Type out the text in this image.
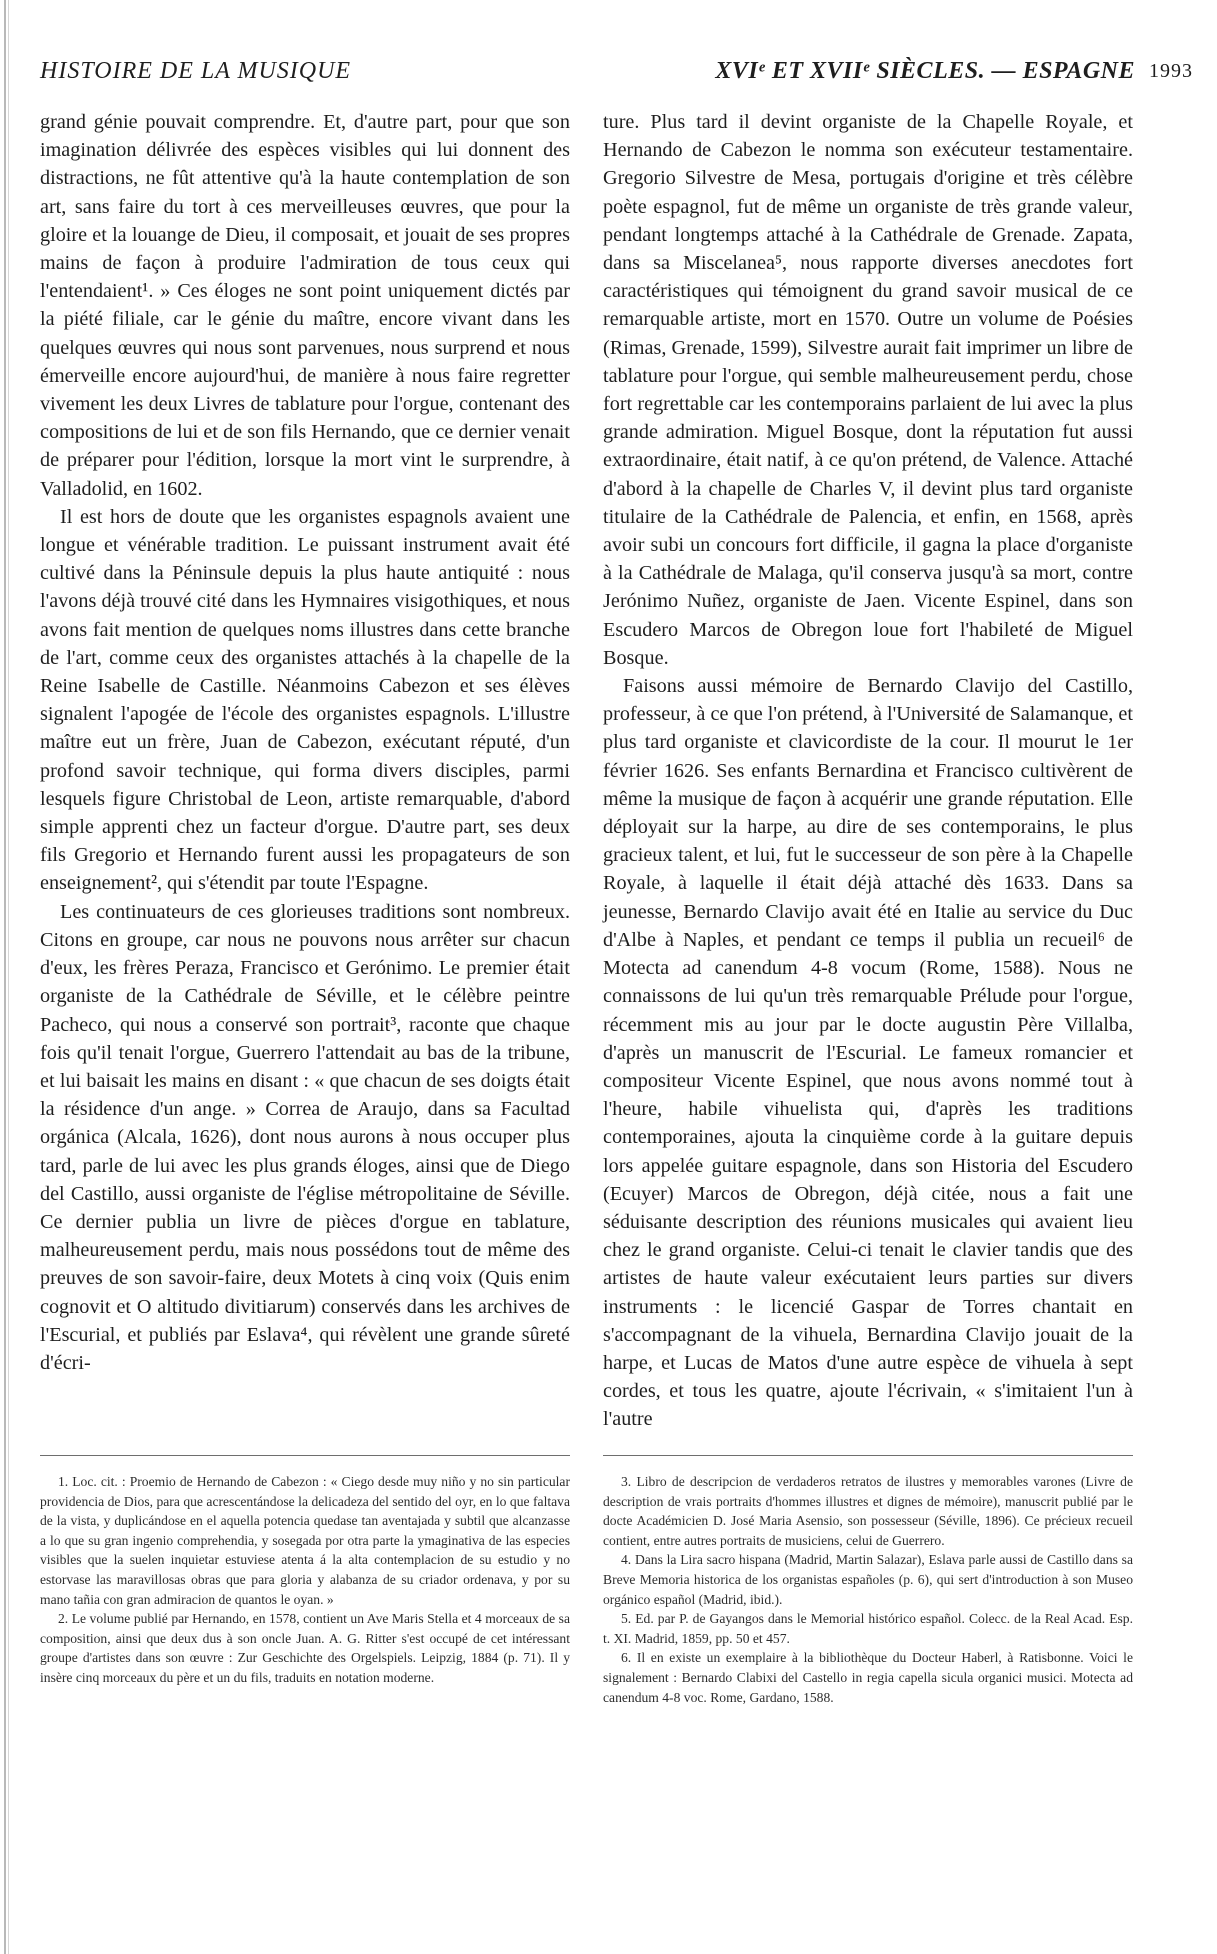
HISTOIRE DE LA MUSIQUE	XVIᵉ ET XVIIᵉ SIÈCLES. — ESPAGNE 1993

grand génie pouvait comprendre. Et, d'autre part, pour que son imagination délivrée des espèces visibles qui lui donnent des distractions, ne fût attentive qu'à la haute contemplation de son art, sans faire du tort à ces merveilleuses œuvres, que pour la gloire et la louange de Dieu, il composait, et jouait de ses propres mains de façon à produire l'admiration de tous ceux qui l'entendaient¹. » Ces éloges ne sont point uniquement dictés par la piété filiale, car le génie du maître, encore vivant dans les quelques œuvres qui nous sont parvenues, nous surprend et nous émerveille encore aujourd'hui, de manière à nous faire regretter vivement les deux Livres de tablature pour l'orgue, contenant des compositions de lui et de son fils Hernando, que ce dernier venait de préparer pour l'édition, lorsque la mort vint le surprendre, à Valladolid, en 1602.

Il est hors de doute que les organistes espagnols avaient une longue et vénérable tradition. Le puissant instrument avait été cultivé dans la Péninsule depuis la plus haute antiquité : nous l'avons déjà trouvé cité dans les Hymnaires visigothiques, et nous avons fait mention de quelques noms illustres dans cette branche de l'art, comme ceux des organistes attachés à la chapelle de la Reine Isabelle de Castille. Néanmoins Cabezon et ses élèves signalent l'apogée de l'école des organistes espagnols. L'illustre maître eut un frère, Juan de Cabezon, exécutant réputé, d'un profond savoir technique, qui forma divers disciples, parmi lesquels figure Christobal de Leon, artiste remarquable, d'abord simple apprenti chez un facteur d'orgue. D'autre part, ses deux fils Gregorio et Hernando furent aussi les propagateurs de son enseignement², qui s'étendit par toute l'Espagne.

Les continuateurs de ces glorieuses traditions sont nombreux. Citons en groupe, car nous ne pouvons nous arrêter sur chacun d'eux, les frères Peraza, Francisco et Gerónimo. Le premier était organiste de la Cathédrale de Séville, et le célèbre peintre Pacheco, qui nous a conservé son portrait³, raconte que chaque fois qu'il tenait l'orgue, Guerrero l'attendait au bas de la tribune, et lui baisait les mains en disant : « que chacun de ses doigts était la résidence d'un ange. » Correa de Araujo, dans sa Facultad orgánica (Alcala, 1626), dont nous aurons à nous occuper plus tard, parle de lui avec les plus grands éloges, ainsi que de Diego del Castillo, aussi organiste de l'église métropolitaine de Séville. Ce dernier publia un livre de pièces d'orgue en tablature, malheureusement perdu, mais nous possédons tout de même des preuves de son savoir-faire, deux Motets à cinq voix (Quis enim cognovit et O altitudo divitiarum) conservés dans les archives de l'Escurial, et publiés par Eslava⁴, qui révèlent une grande sûreté d'écri-

ture. Plus tard il devint organiste de la Chapelle Royale, et Hernando de Cabezon le nomma son exécuteur testamentaire. Gregorio Silvestre de Mesa, portugais d'origine et très célèbre poète espagnol, fut de même un organiste de très grande valeur, pendant longtemps attaché à la Cathédrale de Grenade. Zapata, dans sa Miscelanea⁵, nous rapporte diverses anecdotes fort caractéristiques qui témoignent du grand savoir musical de ce remarquable artiste, mort en 1570. Outre un volume de Poésies (Rimas, Grenade, 1599), Silvestre aurait fait imprimer un libre de tablature pour l'orgue, qui semble malheureusement perdu, chose fort regrettable car les contemporains parlaient de lui avec la plus grande admiration. Miguel Bosque, dont la réputation fut aussi extraordinaire, était natif, à ce qu'on prétend, de Valence. Attaché d'abord à la chapelle de Charles V, il devint plus tard organiste titulaire de la Cathédrale de Palencia, et enfin, en 1568, après avoir subi un concours fort difficile, il gagna la place d'organiste à la Cathédrale de Malaga, qu'il conserva jusqu'à sa mort, contre Jerónimo Nuñez, organiste de Jaen. Vicente Espinel, dans son Escudero Marcos de Obregon loue fort l'habileté de Miguel Bosque.

Faisons aussi mémoire de Bernardo Clavijo del Castillo, professeur, à ce que l'on prétend, à l'Université de Salamanque, et plus tard organiste et clavicordiste de la cour. Il mourut le 1er février 1626. Ses enfants Bernardina et Francisco cultivèrent de même la musique de façon à acquérir une grande réputation. Elle déployait sur la harpe, au dire de ses contemporains, le plus gracieux talent, et lui, fut le successeur de son père à la Chapelle Royale, à laquelle il était déjà attaché dès 1633. Dans sa jeunesse, Bernardo Clavijo avait été en Italie au service du Duc d'Albe à Naples, et pendant ce temps il publia un recueil⁶ de Motecta ad canendum 4-8 vocum (Rome, 1588). Nous ne connaissons de lui qu'un très remarquable Prélude pour l'orgue, récemment mis au jour par le docte augustin Père Villalba, d'après un manuscrit de l'Escurial. Le fameux romancier et compositeur Vicente Espinel, que nous avons nommé tout à l'heure, habile vihuelista qui, d'après les traditions contemporaines, ajouta la cinquième corde à la guitare depuis lors appelée guitare espagnole, dans son Historia del Escudero (Ecuyer) Marcos de Obregon, déjà citée, nous a fait une séduisante description des réunions musicales qui avaient lieu chez le grand organiste. Celui-ci tenait le clavier tandis que des artistes de haute valeur exécutaient leurs parties sur divers instruments : le licencié Gaspar de Torres chantait en s'accompagnant de la vihuela, Bernardina Clavijo jouait de la harpe, et Lucas de Matos d'une autre espèce de vihuela à sept cordes, et tous les quatre, ajoute l'écrivain, « s'imitaient l'un à l'autre

1. Loc. cit. : Proemio de Hernando de Cabezon : « Ciego desde muy niño y no sin particular providencia de Dios, para que acrescentándose la delicadeza del sentido del oyr, en lo que faltava de la vista, y duplicándose en el aquella potencia quedase tan aventajada y subtil que alcanzasse a lo que su gran ingenio comprehendia, y sosegada por otra parte la ymaginativa de las especies visibles que la suelen inquietar estuviese atenta á la alta contemplacion de su estudio y no estorvase las maravillosas obras que para gloria y alabanza de su criador ordenava, y por su mano tañia con gran admiracion de quantos le oyan. »

2. Le volume publié par Hernando, en 1578, contient un Ave Maris Stella et 4 morceaux de sa composition, ainsi que deux dus à son oncle Juan. A. G. Ritter s'est occupé de cet intéressant groupe d'artistes dans son œuvre : Zur Geschichte des Orgelspiels. Leipzig, 1884 (p. 71). Il y insère cinq morceaux du père et un du fils, traduits en notation moderne.

3. Libro de descripcion de verdaderos retratos de ilustres y memorables varones (Livre de description de vrais portraits d'hommes illustres et dignes de mémoire), manuscrit publié par le docte Académicien D. José Maria Asensio, son possesseur (Séville, 1896). Ce précieux recueil contient, entre autres portraits de musiciens, celui de Guerrero.

4. Dans la Lira sacro hispana (Madrid, Martin Salazar), Eslava parle aussi de Castillo dans sa Breve Memoria historica de los organistas españoles (p. 6), qui sert d'introduction à son Museo orgánico español (Madrid, ibid.).

5. Ed. par P. de Gayangos dans le Memorial histórico español. Colecc. de la Real Acad. Esp. t. XI. Madrid, 1859, pp. 50 et 457.

6. Il en existe un exemplaire à la bibliothèque du Docteur Haberl, à Ratisbonne. Voici le signalement : Bernardo Clabixi del Castello in regia capella sicula organici musici. Motecta ad canendum 4-8 voc. Rome, Gardano, 1588.
